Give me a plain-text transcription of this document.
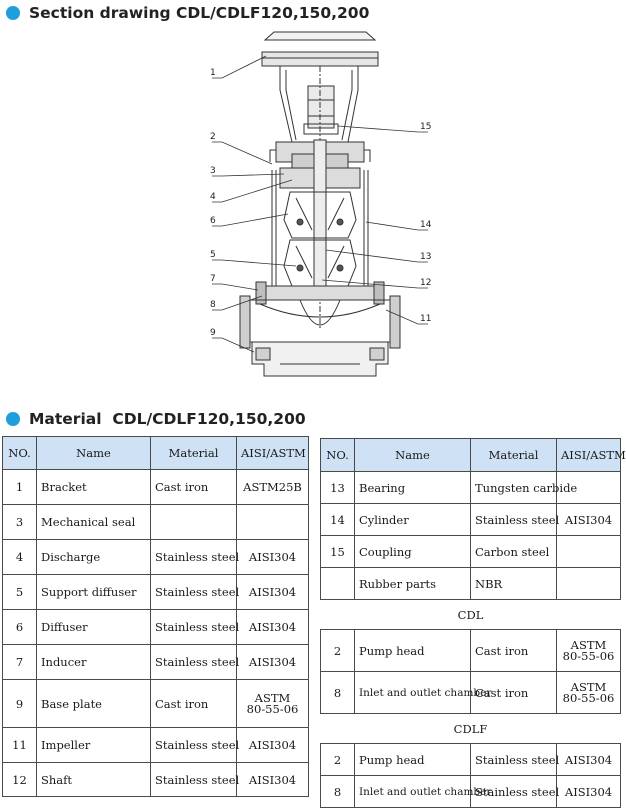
Section drawing CDL/CDLF120,150,200
1
2
3
4
6
5
7
8
9
15
14
13
12
11
Material  CDL/CDLF120,150,200
NO.	Name	Material	AISI/ASTM
1	Bracket	Cast iron	ASTM25B
3	Mechanical seal		
4	Discharge	Stainless steel	AISI304
5	Support diffuser	Stainless steel	AISI304
6	Diffuser	Stainless steel	AISI304
7	Inducer	Stainless steel	AISI304
9	Base plate	Cast iron	ASTM
80-55-06

11	Impeller	Stainless steel	AISI304
12	Shaft	Stainless steel	AISI304
NO.	Name	Material	AISI/ASTM
13	Bearing	Tungsten carbide	
14	Cylinder	Stainless steel	AISI304
15	Coupling	Carbon steel	
	Rubber parts	NBR	
CDL			
2	Pump head	Cast iron	ASTM
80-55-06

8	Inlet and outlet chamber	Cast iron	ASTM
80-55-06

CDLF			
2	Pump head	Stainless steel	AISI304
8	Inlet and outlet chamber	Stainless steel	AISI304
